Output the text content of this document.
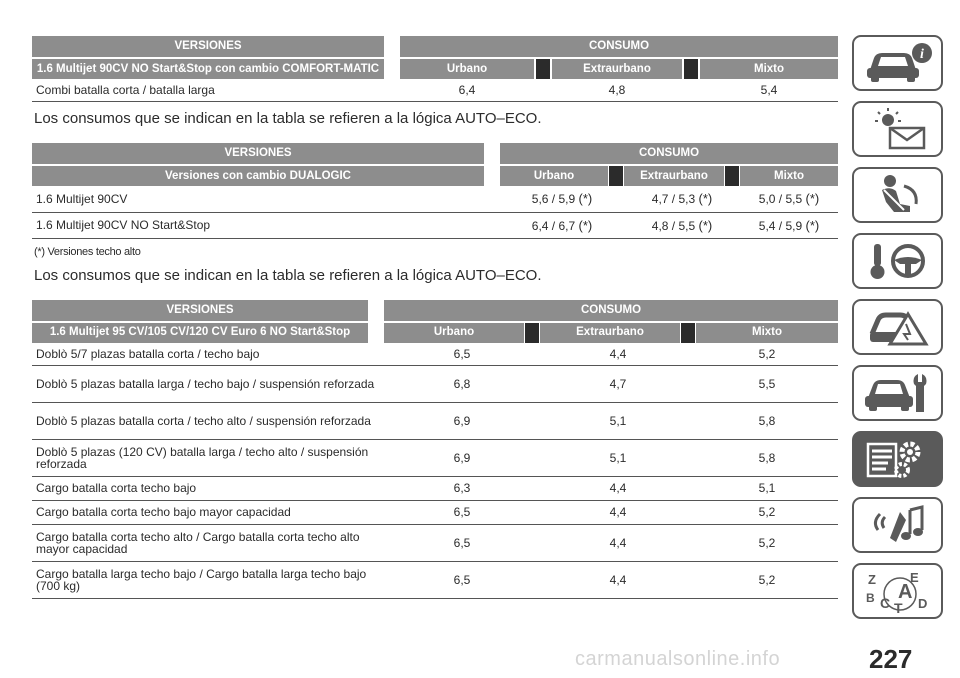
VERSIONES		CONSUMO				
1.6 Multijet 90CV NO Start&Stop con cambio COMFORT-MATIC		Urbano		Extraurbano		Mixto
Combi batalla corta / batalla larga		6,4		4,8		5,4
Los consumos que se indican en la tabla se refieren a la lógica AUTO–ECO.
VERSIONES		CONSUMO				
Versiones con cambio DUALOGIC		Urbano		Extraurbano		Mixto
1.6 Multijet 90CV		5,6 / 5,9 (*)		4,7 / 5,3 (*)		5,0 / 5,5 (*)
1.6 Multijet 90CV NO Start&Stop		6,4 / 6,7 (*)		4,8 / 5,5 (*)		5,4 / 5,9 (*)
(*) Versiones techo alto
Los consumos que se indican en la tabla se refieren a la lógica AUTO–ECO.
VERSIONES		CONSUMO				
1.6 Multijet 95 CV/105 CV/120 CV Euro 6 NO Start&Stop		Urbano		Extraurbano		Mixto
Doblò 5/7 plazas batalla corta / techo bajo		6,5		4,4		5,2
Doblò 5 plazas batalla larga / techo bajo / suspensión reforzada		6,8		4,7		5,5
Doblò 5 plazas batalla corta / techo alto / suspensión reforzada		6,9		5,1		5,8
Doblò 5 plazas (120 CV) batalla larga / techo alto / suspensión reforzada		6,9		5,1		5,8
Cargo batalla corta techo bajo		6,3		4,4		5,1
Cargo batalla corta techo bajo mayor capacidad		6,5		4,4		5,2
Cargo batalla corta techo alto / Cargo batalla corta techo alto mayor capacidad		6,5		4,4		5,2
Cargo batalla larga techo bajo / Cargo batalla larga techo bajo (700 kg)		6,5		4,4		5,2
i
Z	E
B A
C D
T
carmanualsonline.info	227
